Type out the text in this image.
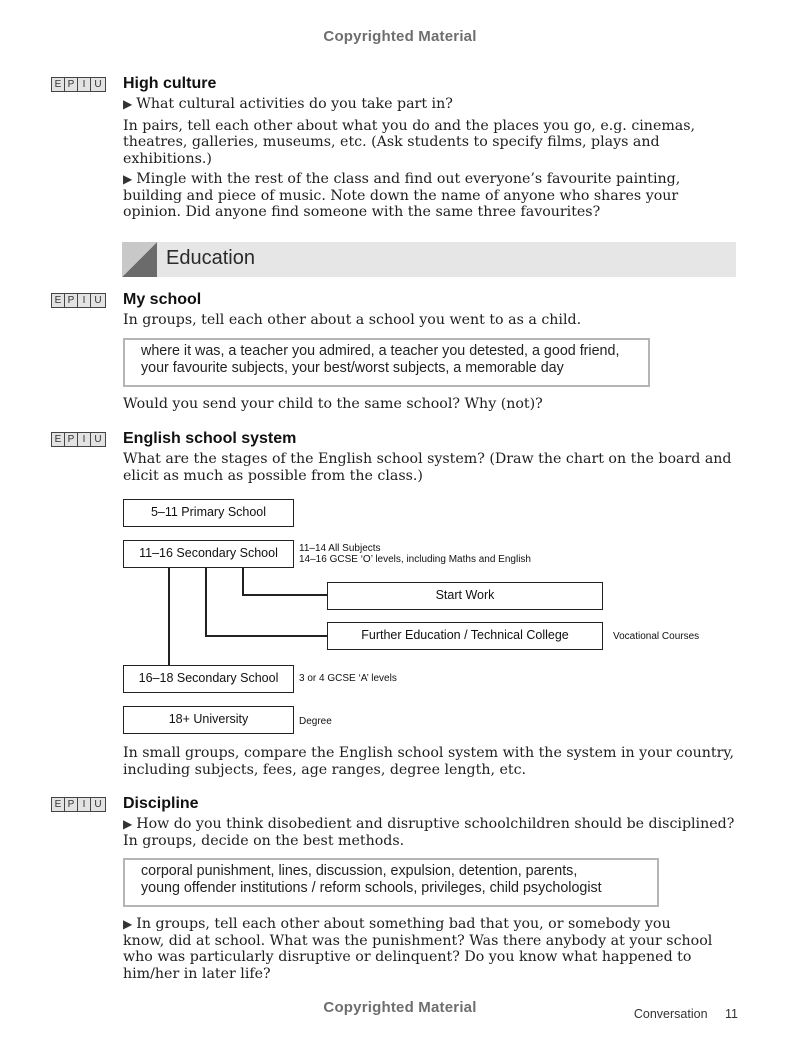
Copyrighted Material
E P I U High culture

▶ What cultural activities do you take part in?

In pairs, tell each other about what you do and the places you go, e.g. cinemas, theatres, galleries, museums, etc. (Ask students to specify films, plays and exhibitions.)

▶ Mingle with the rest of the class and find out everyone’s favourite painting, building and piece of music. Note down the name of anyone who shares your opinion. Did anyone find someone with the same three favourites?

Education
E P I U My school

In groups, tell each other about a school you went to as a child.

where it was, a teacher you admired, a teacher you detested, a good friend,
your favourite subjects, your best/worst subjects, a memorable day

Would you send your child to the same school? Why (not)?

E P I U English school system

What are the stages of the English school system? (Draw the chart on the board and elicit as much as possible from the class.)

5–11 Primary School
11–16 Secondary School	11–14 All Subjects
14–16 GCSE ‘O’ levels, including Maths and English
Start Work
Further Education / Technical College	Vocational Courses
16–18 Secondary School	3 or 4 GCSE ‘A’ levels
18+ University	Degree

In small groups, compare the English school system with the system in your country, including subjects, fees, age ranges, degree length, etc.

E P I U Discipline

▶ How do you think disobedient and disruptive schoolchildren should be disciplined? In groups, decide on the best methods.

corporal punishment, lines, discussion, expulsion, detention, parents,
young offender institutions / reform schools, privileges, child psychologist

▶ In groups, tell each other about something bad that you, or somebody you know, did at school. What was the punishment? Was there anybody at your school who was particularly disruptive or delinquent? Do you know what happened to him/her in later life?

Copyrighted Material	Conversation 11
